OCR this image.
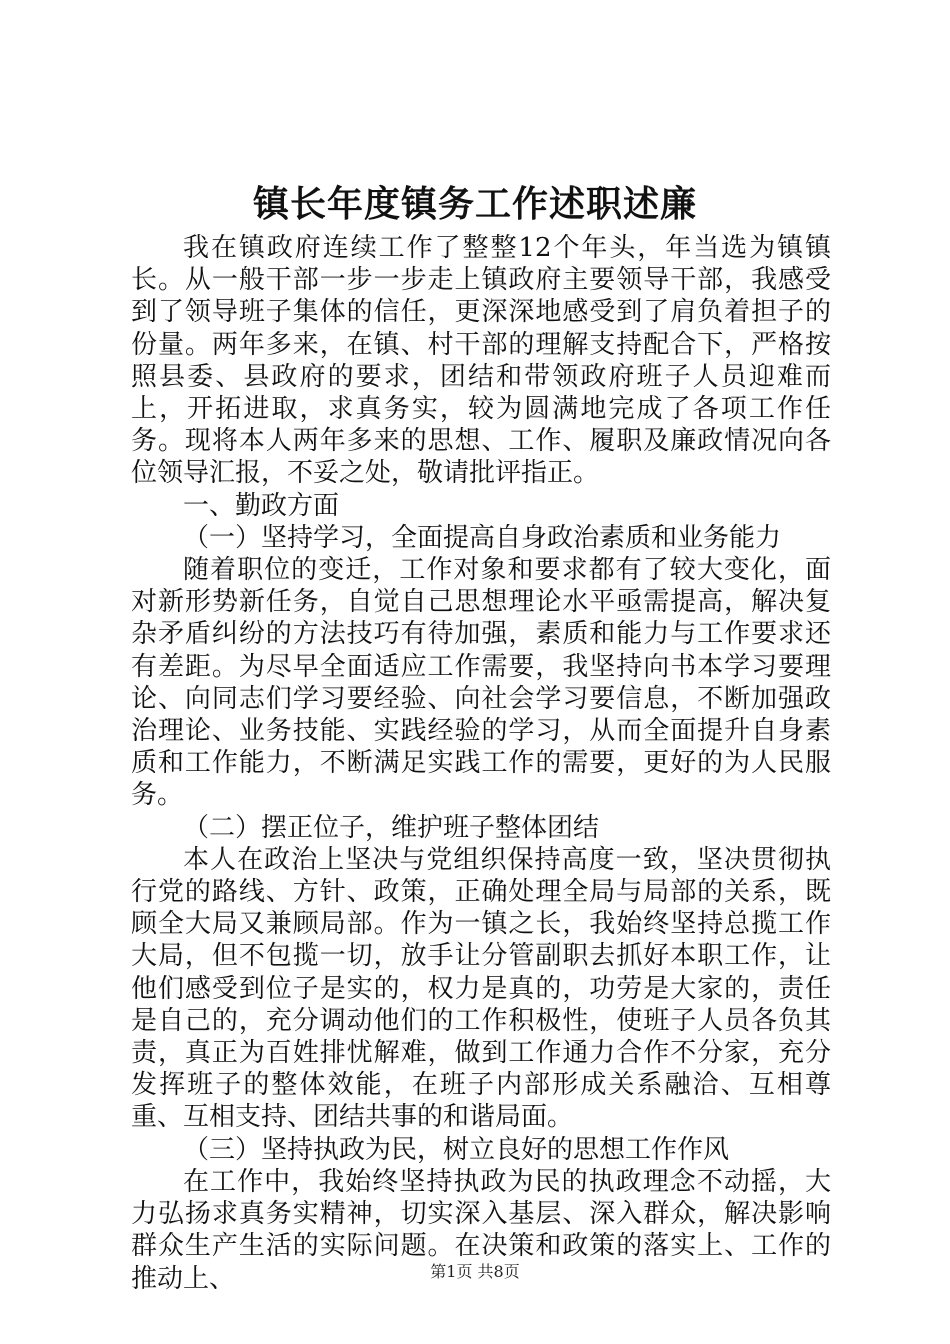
镇长年度镇务工作述职述廉

我在镇政府连续工作了整整12个年头，年当选为镇镇长。从一般干部一步一步走上镇政府主要领导干部，我感受到了领导班子集体的信任，更深深地感受到了肩负着担子的份量。两年多来，在镇、村干部的理解支持配合下，严格按照县委、县政府的要求，团结和带领政府班子人员迎难而上，开拓进取，求真务实，较为圆满地完成了各项工作任务。现将本人两年多来的思想、工作、履职及廉政情况向各位领导汇报，不妥之处，敬请批评指正。

一、勤政方面

（一）坚持学习，全面提高自身政治素质和业务能力

随着职位的变迁，工作对象和要求都有了较大变化，面对新形势新任务，自觉自己思想理论水平亟需提高，解决复杂矛盾纠纷的方法技巧有待加强，素质和能力与工作要求还有差距。为尽早全面适应工作需要，我坚持向书本学习要理论、向同志们学习要经验、向社会学习要信息，不断加强政治理论、业务技能、实践经验的学习，从而全面提升自身素质和工作能力，不断满足实践工作的需要，更好的为人民服务。

（二）摆正位子，维护班子整体团结

本人在政治上坚决与党组织保持高度一致，坚决贯彻执行党的路线、方针、政策，正确处理全局与局部的关系，既顾全大局又兼顾局部。作为一镇之长，我始终坚持总揽工作大局，但不包揽一切，放手让分管副职去抓好本职工作，让他们感受到位子是实的，权力是真的，功劳是大家的，责任是自己的，充分调动他们的工作积极性，使班子人员各负其责，真正为百姓排忧解难，做到工作通力合作不分家，充分发挥班子的整体效能，在班子内部形成关系融洽、互相尊重、互相支持、团结共事的和谐局面。

（三）坚持执政为民，树立良好的思想工作作风

在工作中，我始终坚持执政为民的执政理念不动摇，大力弘扬求真务实精神，切实深入基层、深入群众，解决影响群众生产生活的实际问题。在决策和政策的落实上、工作的推动上、	第1页 共8页
